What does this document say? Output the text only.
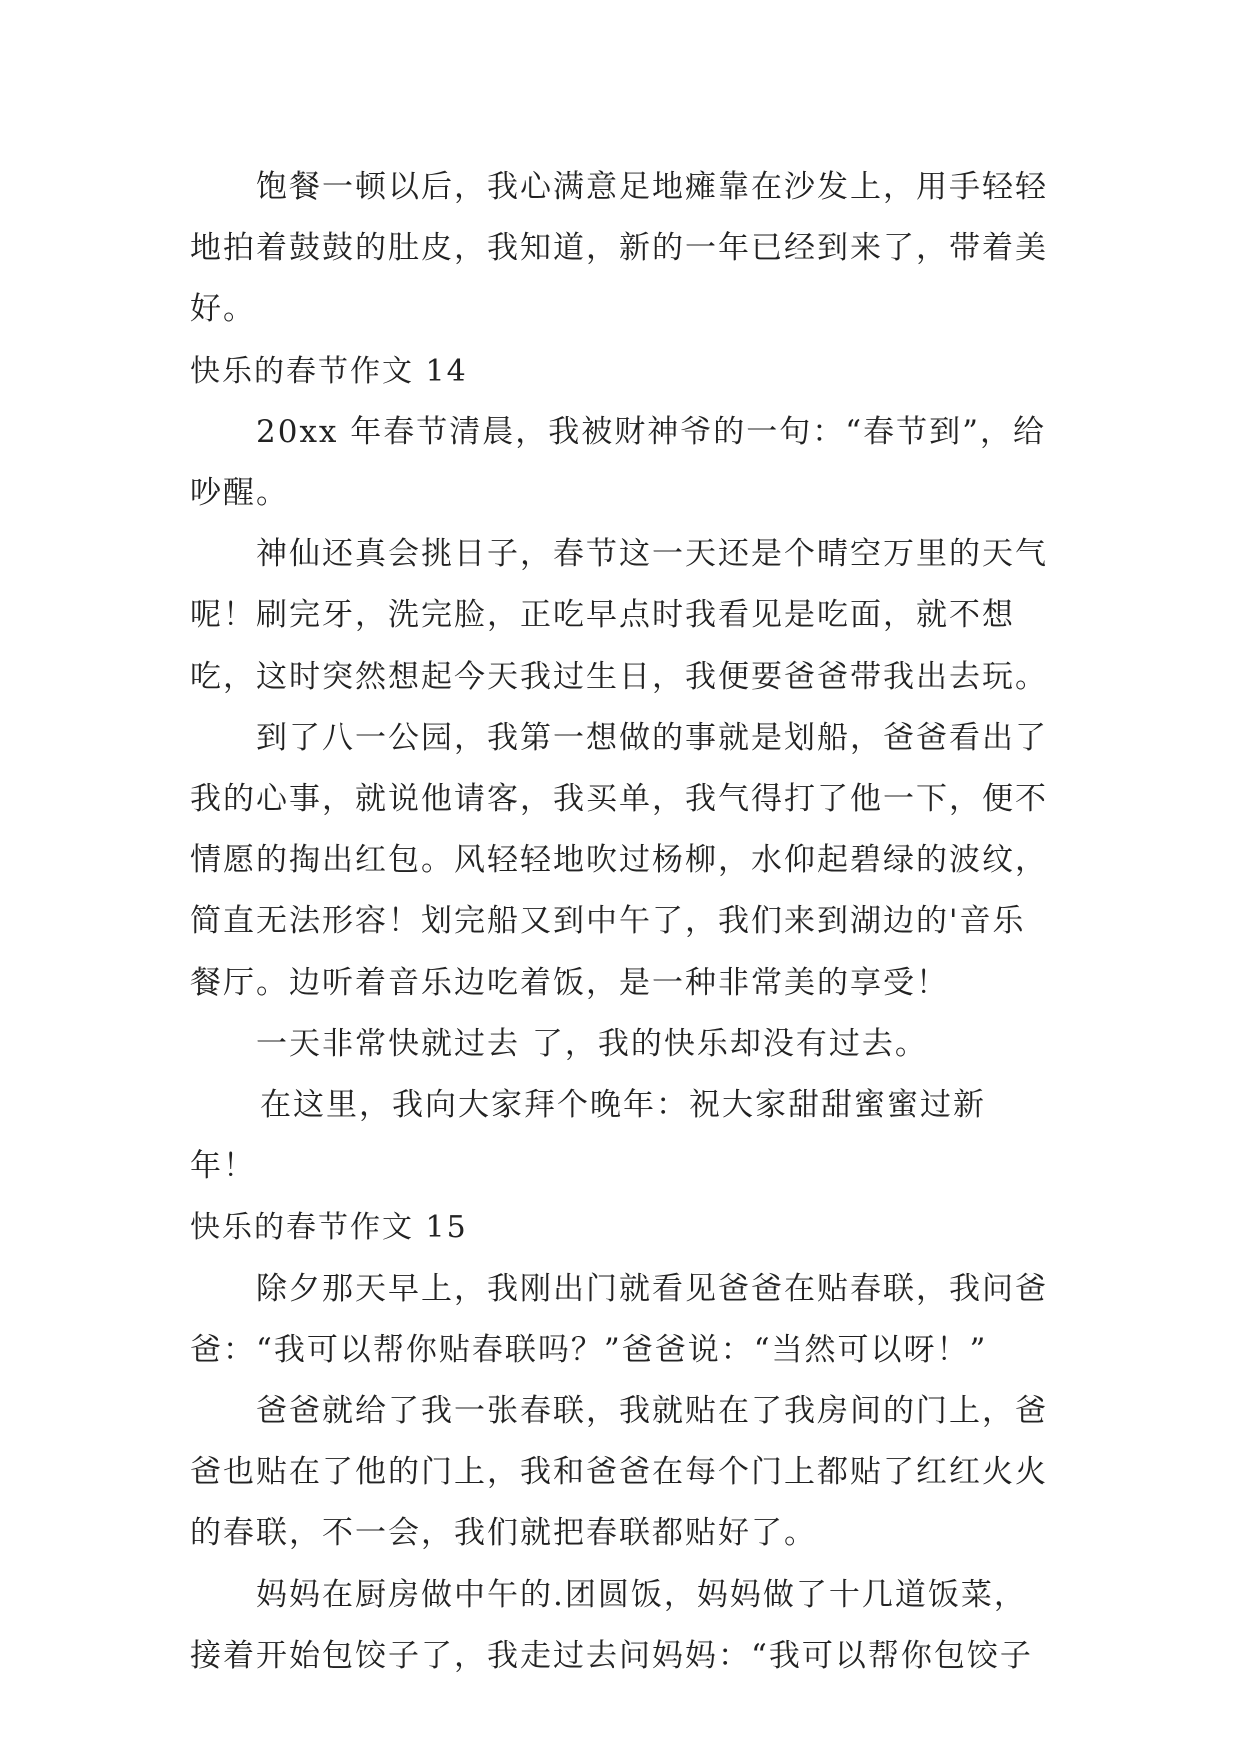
饱餐一顿以后，我心满意足地瘫靠在沙发上，用手轻轻地拍着鼓鼓的肚皮，我知道，新的一年已经到来了，带着美好。

快乐的春节作文 14

20xx 年春节清晨，我被财神爷的一句：“春节到”，给吵醒。

神仙还真会挑日子，春节这一天还是个晴空万里的天气呢！刷完牙，洗完脸，正吃早点时我看见是吃面，就不想吃，这时突然想起今天我过生日，我便要爸爸带我出去玩。

到了八一公园，我第一想做的事就是划船，爸爸看出了我的心事，就说他请客，我买单，我气得打了他一下，便不情愿的掏出红包。风轻轻地吹过杨柳，水仰起碧绿的波纹，简直无法形容！划完船又到中午了，我们来到湖边的'音乐餐厅。边听着音乐边吃着饭，是一种非常美的享受！

一天非常快就过去 了，我的快乐却没有过去。

在这里，我向大家拜个晚年：祝大家甜甜蜜蜜过新年！

快乐的春节作文 15

除夕那天早上，我刚出门就看见爸爸在贴春联，我问爸爸：“我可以帮你贴春联吗？”爸爸说：“当然可以呀！”

爸爸就给了我一张春联，我就贴在了我房间的门上，爸爸也贴在了他的门上，我和爸爸在每个门上都贴了红红火火的春联，不一会，我们就把春联都贴好了。

妈妈在厨房做中午的.团圆饭，妈妈做了十几道饭菜，接着开始包饺子了，我走过去问妈妈：“我可以帮你包饺子
